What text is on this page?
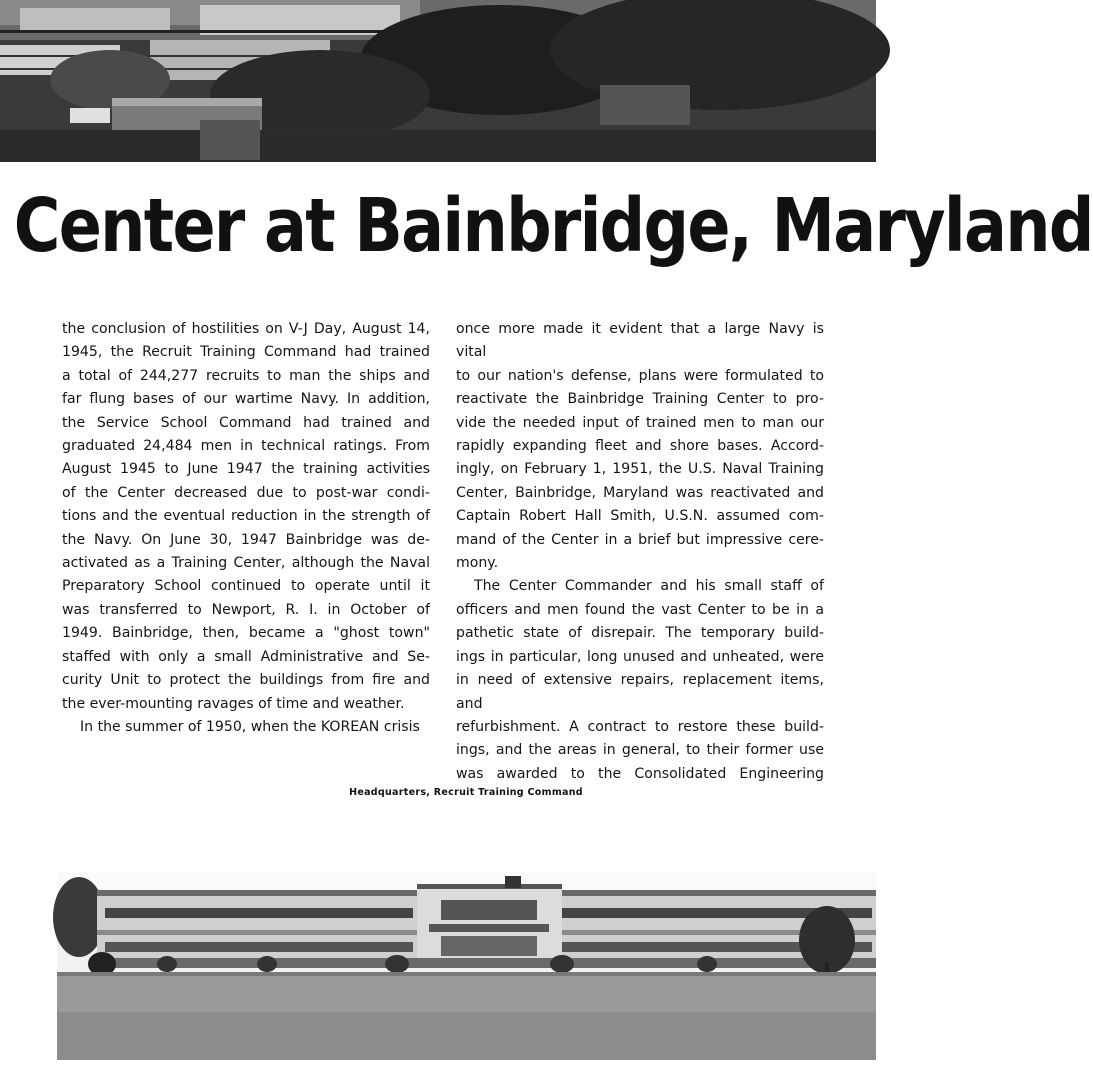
Center at Bainbridge, Maryland

the conclusion of hostilities on V-J Day, August 14,

1945, the Recruit Training Command had trained

a total of 244,277 recruits to man the ships and

far flung bases of our wartime Navy. In addition,

the Service School Command had trained and

graduated 24,484 men in technical ratings. From

August 1945 to June 1947 the training activities

of the Center decreased due to post-war condi-

tions and the eventual reduction in the strength of

the Navy. On June 30, 1947 Bainbridge was de-

activated as a Training Center, although the Naval

Preparatory School continued to operate until it

was transferred to Newport, R. I. in October of

1949. Bainbridge, then, became a "ghost town"

staffed with only a small Administrative and Se-

curity Unit to protect the buildings from fire and

the ever-mounting ravages of time and weather.

In the summer of 1950, when the KOREAN crisis

once more made it evident that a large Navy is vital

to our nation's defense, plans were formulated to

reactivate the Bainbridge Training Center to pro-

vide the needed input of trained men to man our

rapidly expanding fleet and shore bases. Accord-

ingly, on February 1, 1951, the U.S. Naval Training

Center, Bainbridge, Maryland was reactivated and

Captain Robert Hall Smith, U.S.N. assumed com-

mand of the Center in a brief but impressive cere-

mony.

The Center Commander and his small staff of

officers and men found the vast Center to be in a

pathetic state of disrepair. The temporary build-

ings in particular, long unused and unheated, were

in need of extensive repairs, replacement items, and

refurbishment. A contract to restore these build-

ings, and the areas in general, to their former use

was awarded to the Consolidated Engineering

Headquarters, Recruit Training Command
